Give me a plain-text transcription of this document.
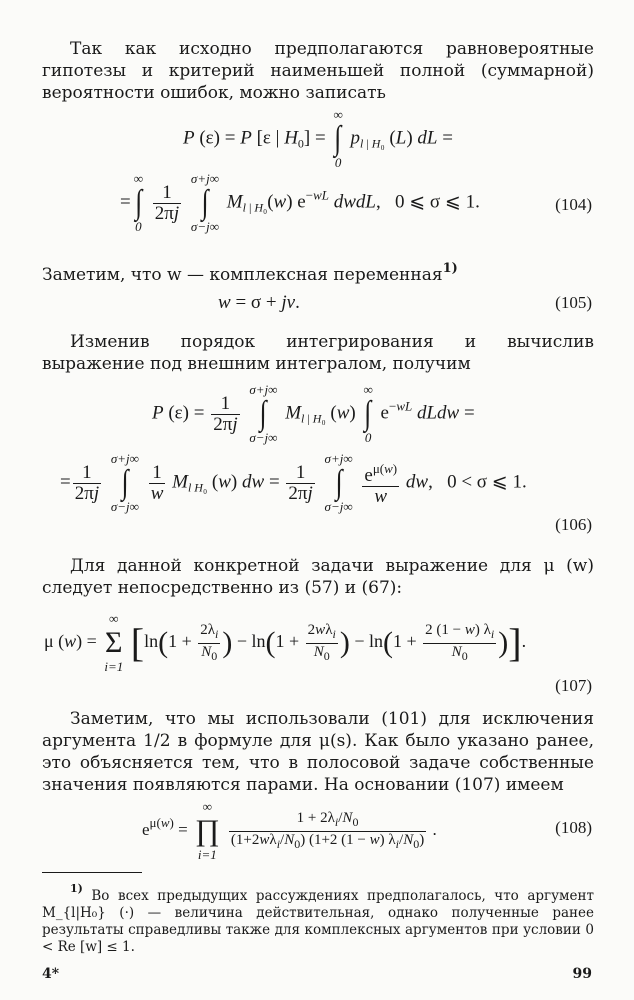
Так как исходно предполагаются равновероятные гипотезы и критерий наименьшей полной (суммарной) вероятности ошибок, можно записать
P (ε) = P [ε | $H_0$] =
∞
∫
0
$p_{l | H_0}$ (L) dL =
=
∞
∫
0

$\frac{1}{2\pi j}$

σ+j∞
∫
σ−j∞
$M_{l | H_0}(w)$ $e^{-wL}$ dwdL,   0 ⩽ σ ⩽ 1.	(104)
Заметим, что w — комплексная переменная$^{1)}$
w = σ + jv.	(105)
Изменив порядок интегрирования и вычислив выражение под внешним интегралом, получим
P $(\varepsilon) = \frac{1}{2\pi j}$

σ+j∞
∫
σ−j∞
$M_{l | H_0}$ (w)
∞
∫
0
$e^{-wL}$ dLdw =
= $\frac{1}{2\pi j}$

σ+j∞
∫
σ−j∞

$\frac{1}{w} M_{l H_0}$ (w) dw = $\frac{1}{2\pi j}$

σ+j∞
∫
σ−j∞
$\frac{e^{\mu(w)}}{w}$ dw,   0 < σ ⩽ 1.
(106)
Для данной конкретной задачи выражение для μ (w) следует непосредственно из (57) и (67):
μ (w) =
∞
Σ
i=1
[$\ln(1 + \frac{2\lambda_i}{N_0}$ ) − $\ln(1 + \frac{2w\lambda_i}{N_0}$ ) − $\ln(1 + \frac{2 (1 - w) \lambda_i}{N_0}$ )].
(107)
Заметим, что мы использовали (101) для исключения аргумента 1/2 в формуле для μ(s). Как было указано ранее, это объясняется тем, что в полосовой задаче собственные значения появляются парами. На основании (107) имеем
$e^{\mu(w)}$ =
∞
∏
i=1

$\frac{1 + 2\lambda_i/N_0}{(1+2w\lambda_i/N_0) (1+2 (1 - w) \lambda_i/N_0)}$ .	(108)
$^{1)}$ Во всех предыдущих рассуждениях предполагалось, что аргумент M_{l|H₀} (·) — величина действительная, однако полученные ранее результаты справедливы также для комплексных аргументов при условии 0 < Re [w] ≤ 1.
4*	99
